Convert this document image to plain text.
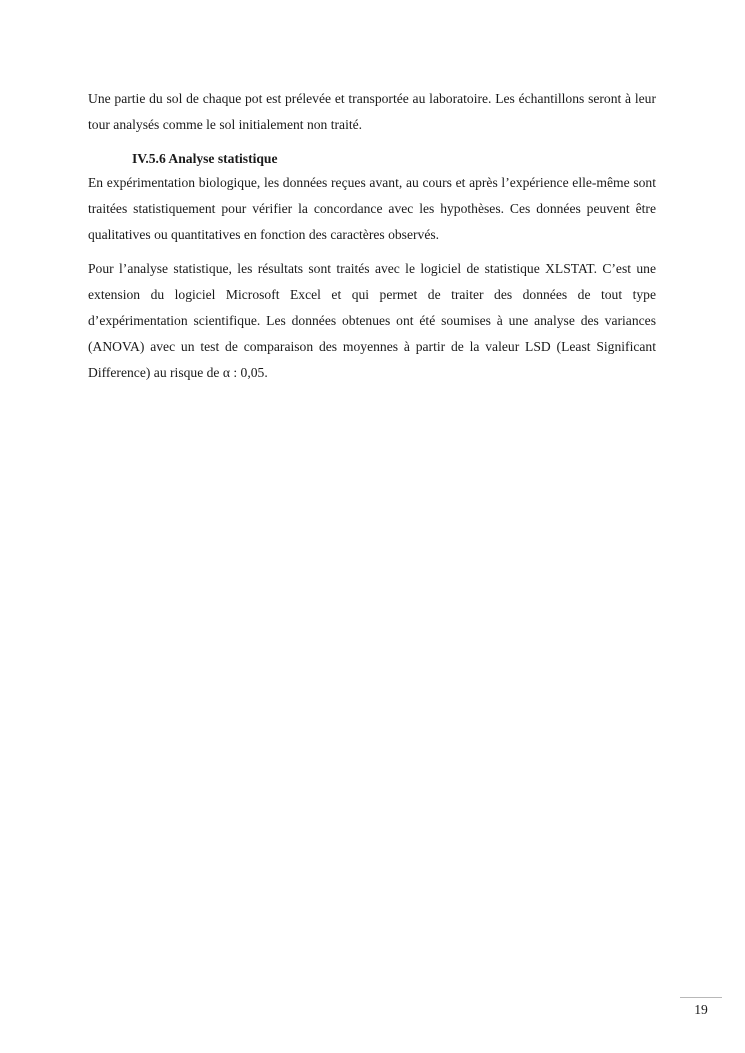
Une partie du sol de chaque pot est prélevée et transportée au laboratoire. Les échantillons seront à leur tour analysés comme le sol initialement non traité.

IV.5.6 Analyse statistique

En expérimentation biologique, les données reçues avant, au cours et après l’expérience elle-même sont traitées statistiquement pour vérifier la concordance avec les hypothèses. Ces données peuvent être qualitatives ou quantitatives en fonction des caractères observés.

Pour l’analyse statistique, les résultats sont traités avec le logiciel de statistique XLSTAT. C’est une extension du logiciel Microsoft Excel et qui permet de traiter des données de tout type d’expérimentation scientifique. Les données obtenues ont été soumises à une analyse des variances (ANOVA) avec un test de comparaison des moyennes à partir de la valeur LSD (Least Significant Difference) au risque de α : 0,05.

19
